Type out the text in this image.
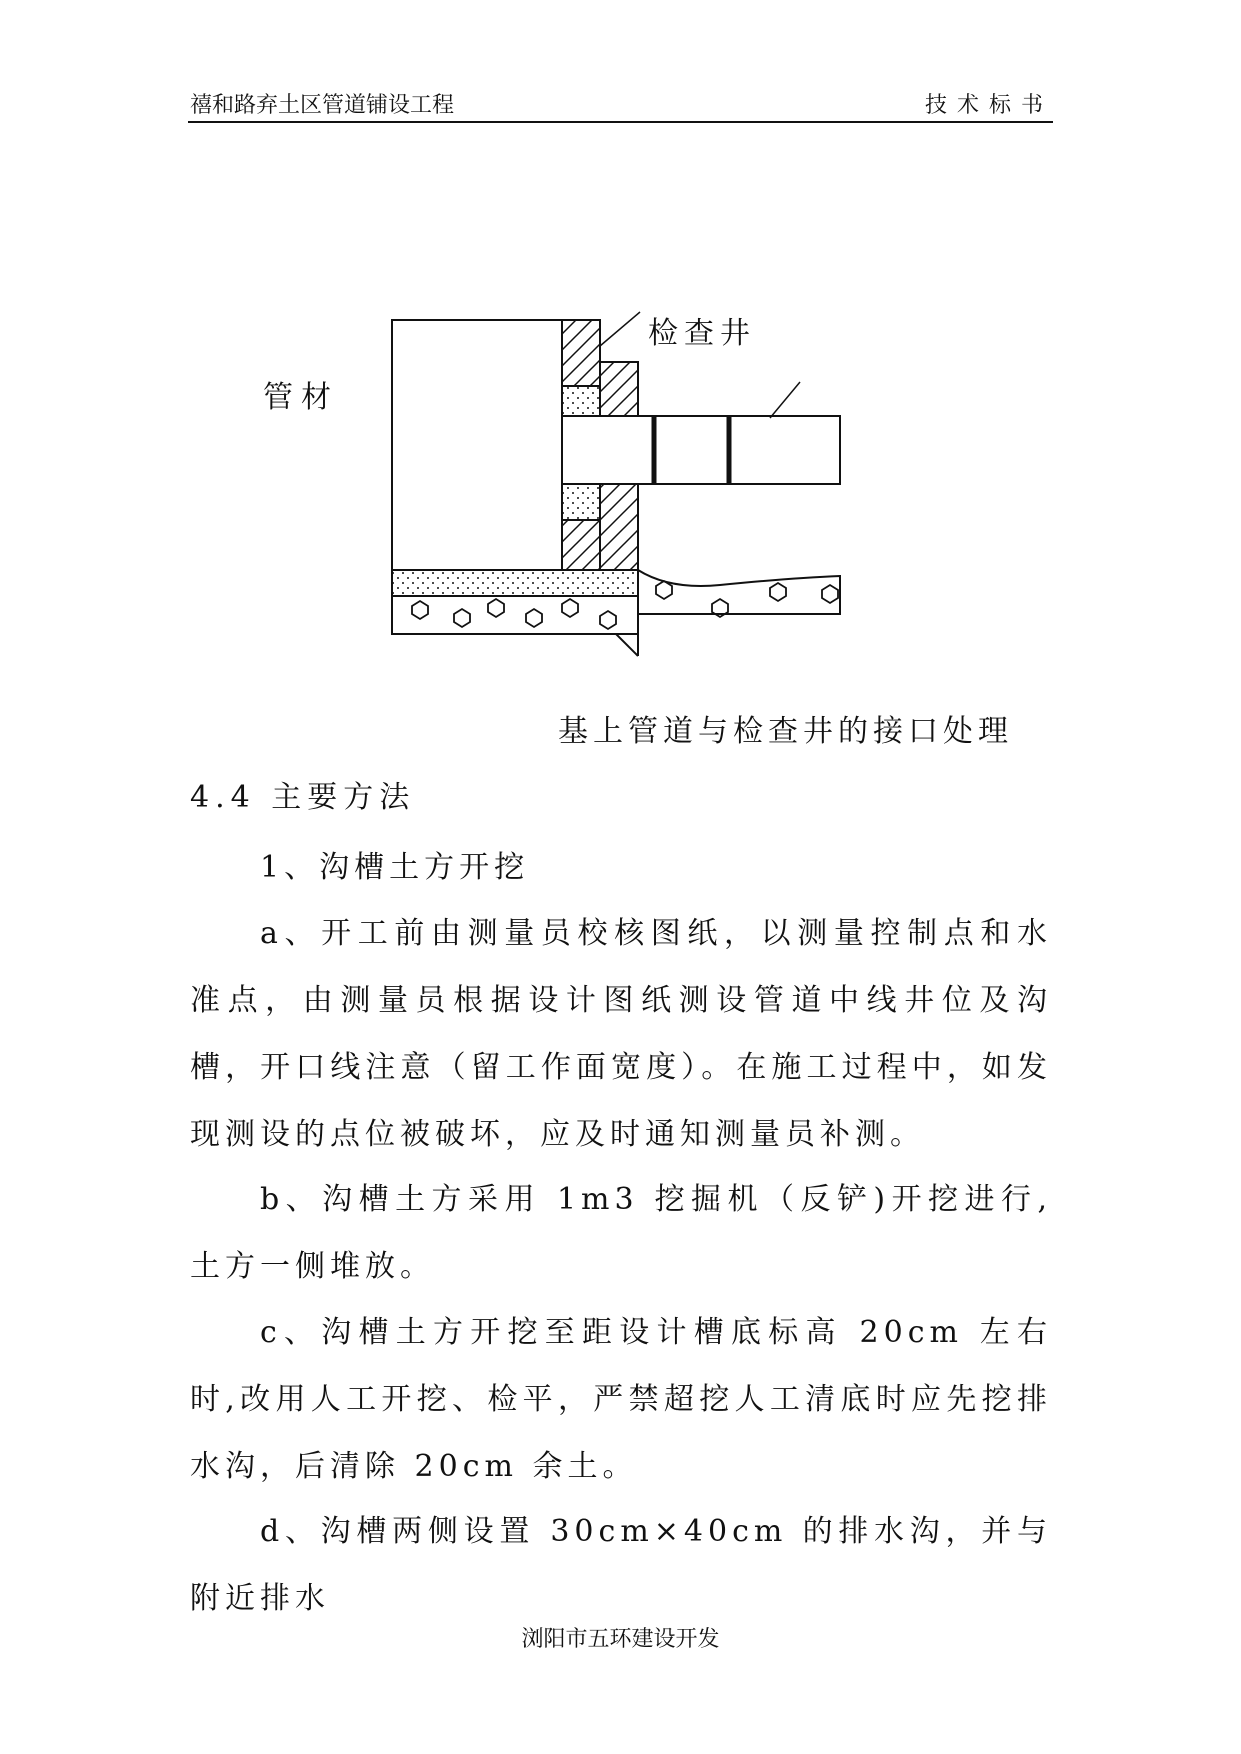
禧和路弃土区管道铺设工程	技术标书
管材
检查井
基上管道与检查井的接口处理
4.4 主要方法
1、沟槽土方开挖
a、开工前由测量员校核图纸，以测量控制点和水准点，由测量员根据设计图纸测设管道中线井位及沟槽，开口线注意（留工作面宽度）。在施工过程中，如发现测设的点位被破坏，应及时通知测量员补测。
b、沟槽土方采用 1m3 挖掘机（反铲)开挖进行,土方一侧堆放。
c、沟槽土方开挖至距设计槽底标高 20cm 左右时,改用人工开挖、检平，严禁超挖人工清底时应先挖排水沟，后清除 20cm 余土。
d、沟槽两侧设置 30cm×40cm 的排水沟，并与附近排水
浏阳市五环建设开发
